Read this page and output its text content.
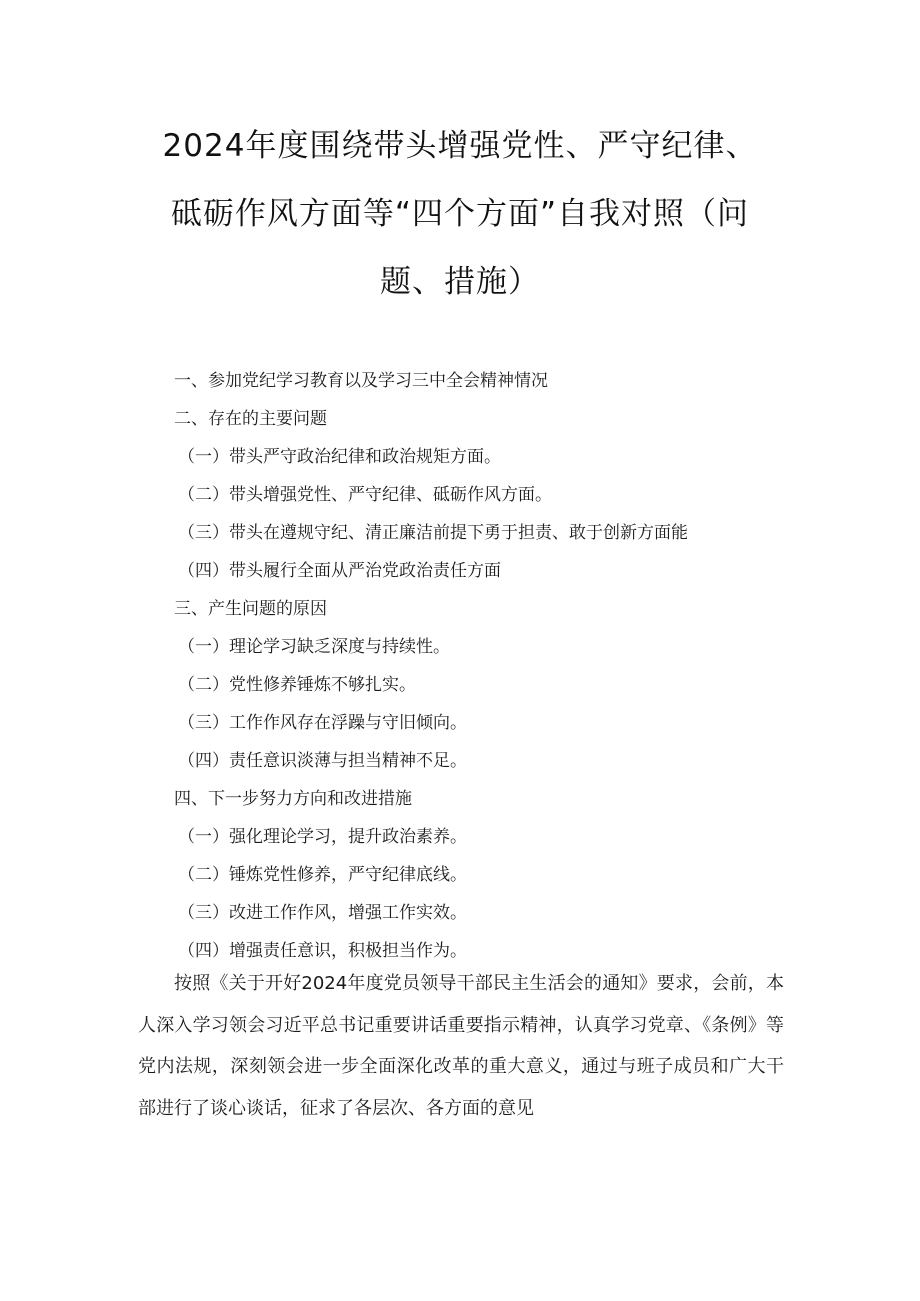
2024年度围绕带头增强党性、严守纪律、
砥砺作风方面等“四个方面”自我对照（问
题、措施）
一、参加党纪学习教育以及学习三中全会精神情况
二、存在的主要问题
（一）带头严守政治纪律和政治规矩方面。
（二）带头增强党性、严守纪律、砥砺作风方面。
（三）带头在遵规守纪、清正廉洁前提下勇于担责、敢于创新方面能
（四）带头履行全面从严治党政治责任方面
三、产生问题的原因
（一）理论学习缺乏深度与持续性。
（二）党性修养锤炼不够扎实。
（三）工作作风存在浮躁与守旧倾向。
（四）责任意识淡薄与担当精神不足。
四、下一步努力方向和改进措施
（一）强化理论学习，提升政治素养。
（二）锤炼党性修养，严守纪律底线。
（三）改进工作作风，增强工作实效。
（四）增强责任意识，积极担当作为。

按照《关于开好2024年度党员领导干部民主生活会的通知》要求，会前，本人深入学习领会习近平总书记重要讲话重要指示精神，认真学习党章、《条例》等党内法规，深刻领会进一步全面深化改革的重大意义，通过与班子成员和广大干部进行了谈心谈话，征求了各层次、各方面的意见
